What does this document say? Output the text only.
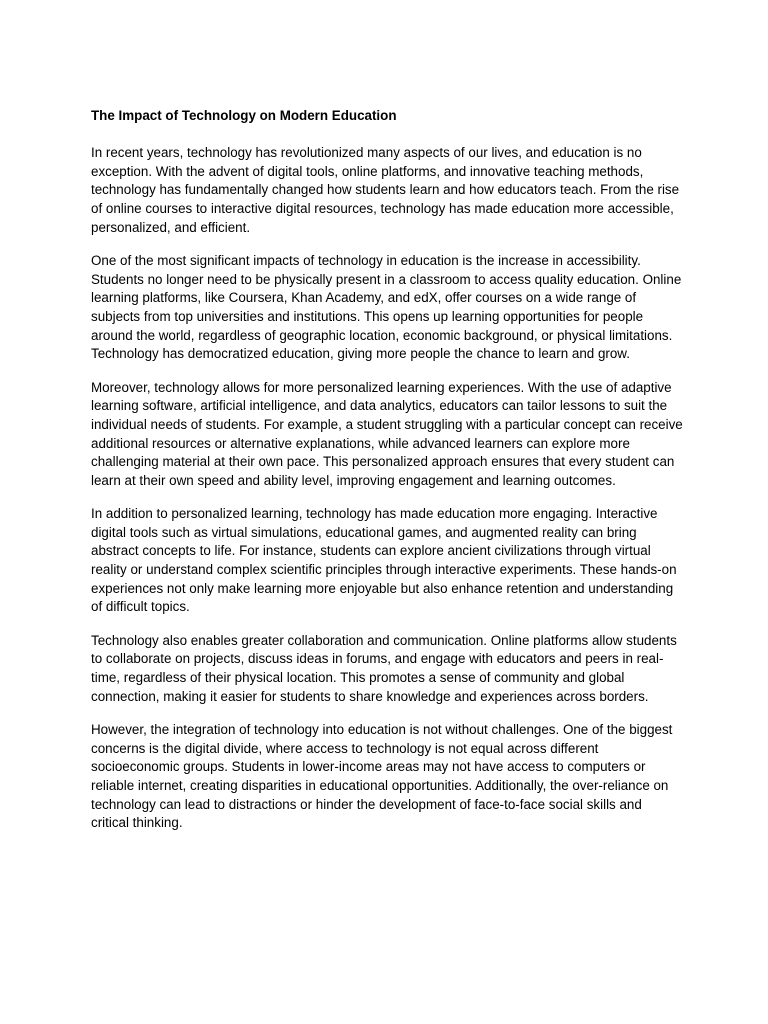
The Impact of Technology on Modern Education

In recent years, technology has revolutionized many aspects of our lives, and education is no exception. With the advent of digital tools, online platforms, and innovative teaching methods, technology has fundamentally changed how students learn and how educators teach. From the rise of online courses to interactive digital resources, technology has made education more accessible, personalized, and efficient.

One of the most significant impacts of technology in education is the increase in accessibility. Students no longer need to be physically present in a classroom to access quality education. Online learning platforms, like Coursera, Khan Academy, and edX, offer courses on a wide range of subjects from top universities and institutions. This opens up learning opportunities for people around the world, regardless of geographic location, economic background, or physical limitations. Technology has democratized education, giving more people the chance to learn and grow.

Moreover, technology allows for more personalized learning experiences. With the use of adaptive learning software, artificial intelligence, and data analytics, educators can tailor lessons to suit the individual needs of students. For example, a student struggling with a particular concept can receive additional resources or alternative explanations, while advanced learners can explore more challenging material at their own pace. This personalized approach ensures that every student can learn at their own speed and ability level, improving engagement and learning outcomes.

In addition to personalized learning, technology has made education more engaging. Interactive digital tools such as virtual simulations, educational games, and augmented reality can bring abstract concepts to life. For instance, students can explore ancient civilizations through virtual reality or understand complex scientific principles through interactive experiments. These hands-on experiences not only make learning more enjoyable but also enhance retention and understanding of difficult topics.

Technology also enables greater collaboration and communication. Online platforms allow students to collaborate on projects, discuss ideas in forums, and engage with educators and peers in real-time, regardless of their physical location. This promotes a sense of community and global connection, making it easier for students to share knowledge and experiences across borders.

However, the integration of technology into education is not without challenges. One of the biggest concerns is the digital divide, where access to technology is not equal across different socioeconomic groups. Students in lower-income areas may not have access to computers or reliable internet, creating disparities in educational opportunities. Additionally, the over-reliance on technology can lead to distractions or hinder the development of face-to-face social skills and critical thinking.
